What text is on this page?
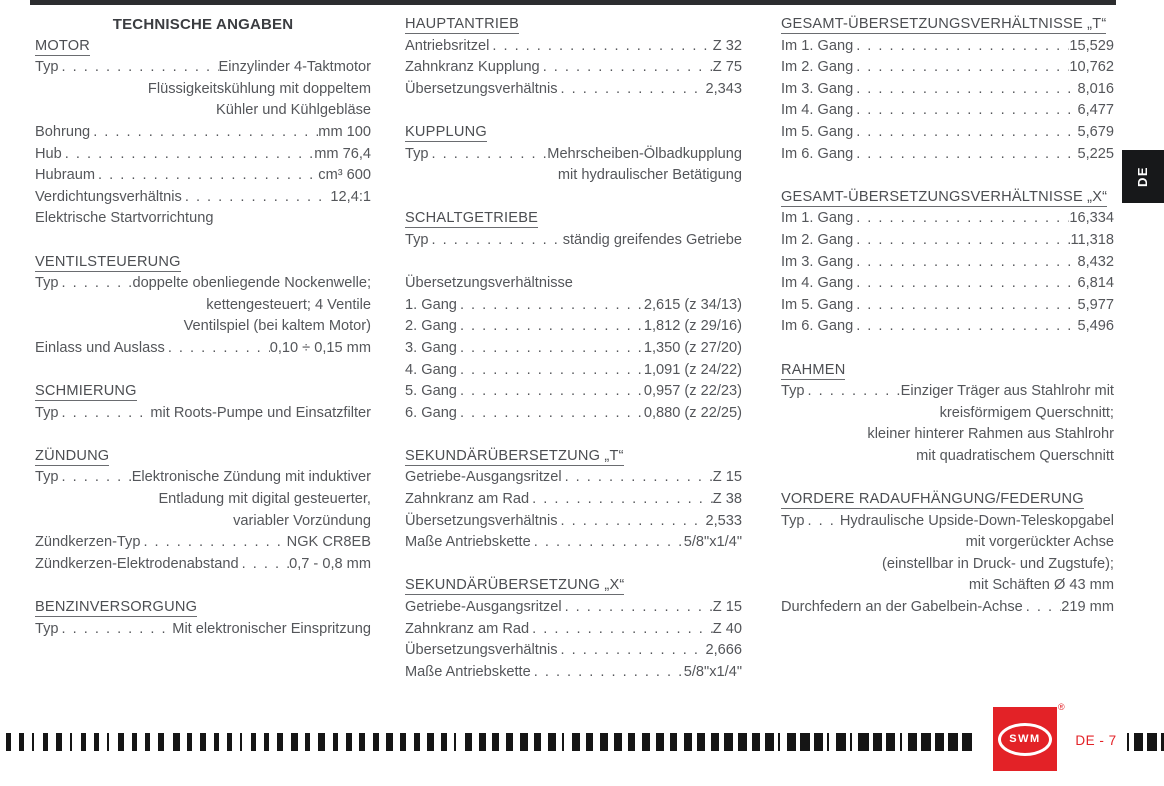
TECHNISCHE ANGABEN
MOTOR
Typ . . .	Einzylinder 4-Taktmotor
Flüssigkeitskühlung mit doppeltem
Kühler und Kühlgebläse
Bohrung . . .	mm 100
Hub . . .	mm 76,4
Hubraum . . .	cm³ 600
Verdichtungsverhältnis . . .	12,4:1
Elektrische Startvorrichtung
VENTILSTEUERUNG
Typ . . .	doppelte obenliegende Nockenwelle;
kettengesteuert; 4 Ventile
Ventilspiel (bei kaltem Motor)
Einlass und Auslass . . .	0,10 ÷ 0,15 mm
SCHMIERUNG
Typ . . .	mit Roots-Pumpe und Einsatzfilter
ZÜNDUNG
Typ . . .	Elektronische Zündung mit induktiver
Entladung mit digital gesteuerter,
variabler Vorzündung
Zündkerzen-Typ . . .	NGK CR8EB
Zündkerzen-Elektrodenabstand . . .	0,7 - 0,8 mm
BENZINVERSORGUNG
Typ . . .	Mit elektronischer Einspritzung
HAUPTANTRIEB
Antriebsritzel . . .	Z 32
Zahnkranz Kupplung . . .	Z 75
Übersetzungsverhältnis . . .	2,343
KUPPLUNG
Typ . . .	Mehrscheiben-Ölbadkupplung
mit hydraulischer Betätigung
SCHALTGETRIEBE
Typ . . .	ständig greifendes Getriebe
Übersetzungsverhältnisse
1. Gang . . .	2,615 (z 34/13)
2. Gang . . .	1,812 (z 29/16)
3. Gang . . .	1,350 (z 27/20)
4. Gang . . .	1,091 (z 24/22)
5. Gang . . .	0,957 (z 22/23)
6. Gang . . .	0,880 (z 22/25)
SEKUNDÄRÜBERSETZUNG „T“
Getriebe-Ausgangsritzel . . .	Z 15
Zahnkranz am Rad . . .	Z 38
Übersetzungsverhältnis . . .	2,533
Maße Antriebskette . . .	5/8"x1/4"
SEKUNDÄRÜBERSETZUNG „X“
Getriebe-Ausgangsritzel . . .	Z 15
Zahnkranz am Rad . . .	Z 40
Übersetzungsverhältnis . . .	2,666
Maße Antriebskette . . .	5/8"x1/4"
GESAMT-ÜBERSETZUNGSVERHÄLTNISSE „T“
Im 1. Gang . . .	15,529
Im 2. Gang . . .	10,762
Im 3. Gang . . .	8,016
Im 4. Gang . . .	6,477
Im 5. Gang . . .	5,679
Im 6. Gang . . .	5,225
GESAMT-ÜBERSETZUNGSVERHÄLTNISSE „X“
Im 1. Gang . . .	16,334
Im 2. Gang . . .	11,318
Im 3. Gang . . .	8,432
Im 4. Gang . . .	6,814
Im 5. Gang . . .	5,977
Im 6. Gang . . .	5,496
RAHMEN
Typ . . .	Einziger Träger aus Stahlrohr mit
kreisförmigem Querschnitt;
kleiner hinterer Rahmen aus Stahlrohr
mit quadratischem Querschnitt
VORDERE RADAUFHÄNGUNG/FEDERUNG
Typ . . . Hydraulische Upside-Down-Teleskopgabel
mit vorgerückter Achse
(einstellbar in Druck- und Zugstufe);
mit Schäften Ø 43 mm
Durchfedern an der Gabelbein-Achse . . .	219 mm
DE
SWM
®
DE - 7
